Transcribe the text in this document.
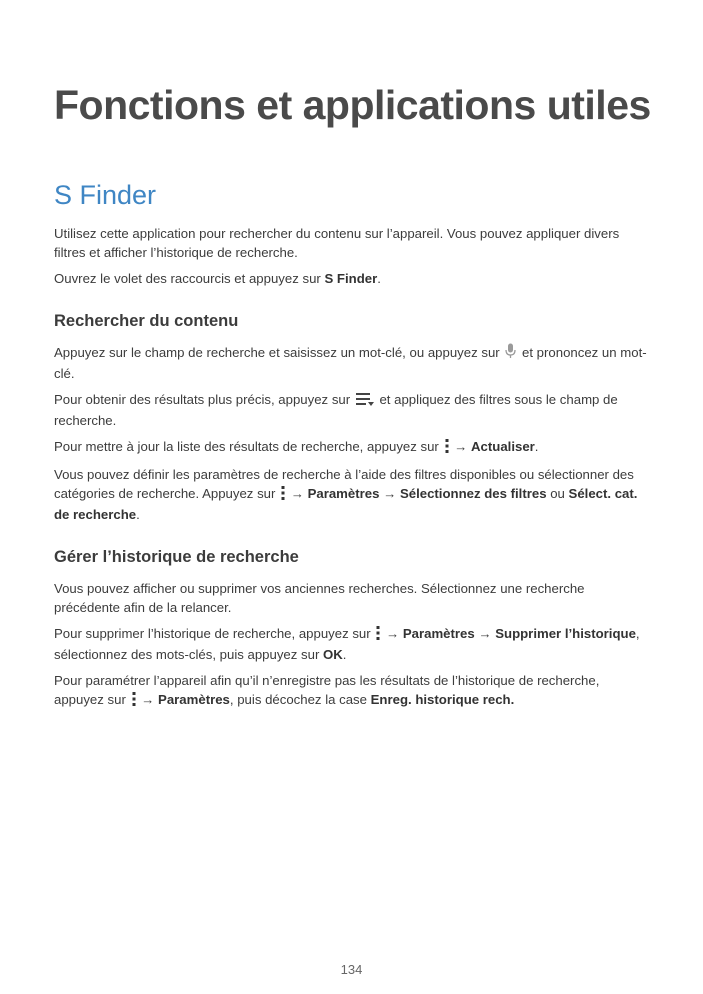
Fonctions et applications utiles
S Finder

Utilisez cette application pour rechercher du contenu sur l’appareil. Vous pouvez appliquer divers filtres et afficher l’historique de recherche.

Ouvrez le volet des raccourcis et appuyez sur S Finder.

Rechercher du contenu

Appuyez sur le champ de recherche et saisissez un mot-clé, ou appuyez sur  et prononcez un mot-clé.

Pour obtenir des résultats plus précis, appuyez sur  et appliquez des filtres sous le champ de recherche.

Pour mettre à jour la liste des résultats de recherche, appuyez sur  → Actualiser.

Vous pouvez définir les paramètres de recherche à l’aide des filtres disponibles ou sélectionner des catégories de recherche. Appuyez sur  → Paramètres → Sélectionnez des filtres ou Sélect. cat. de recherche.

Gérer l’historique de recherche

Vous pouvez afficher ou supprimer vos anciennes recherches. Sélectionnez une recherche précédente afin de la relancer.

Pour supprimer l’historique de recherche, appuyez sur  → Paramètres → Supprimer l’historique, sélectionnez des mots-clés, puis appuyez sur OK.

Pour paramétrer l’appareil afin qu’il n’enregistre pas les résultats de l’historique de recherche, appuyez sur  → Paramètres, puis décochez la case Enreg. historique rech.

134
